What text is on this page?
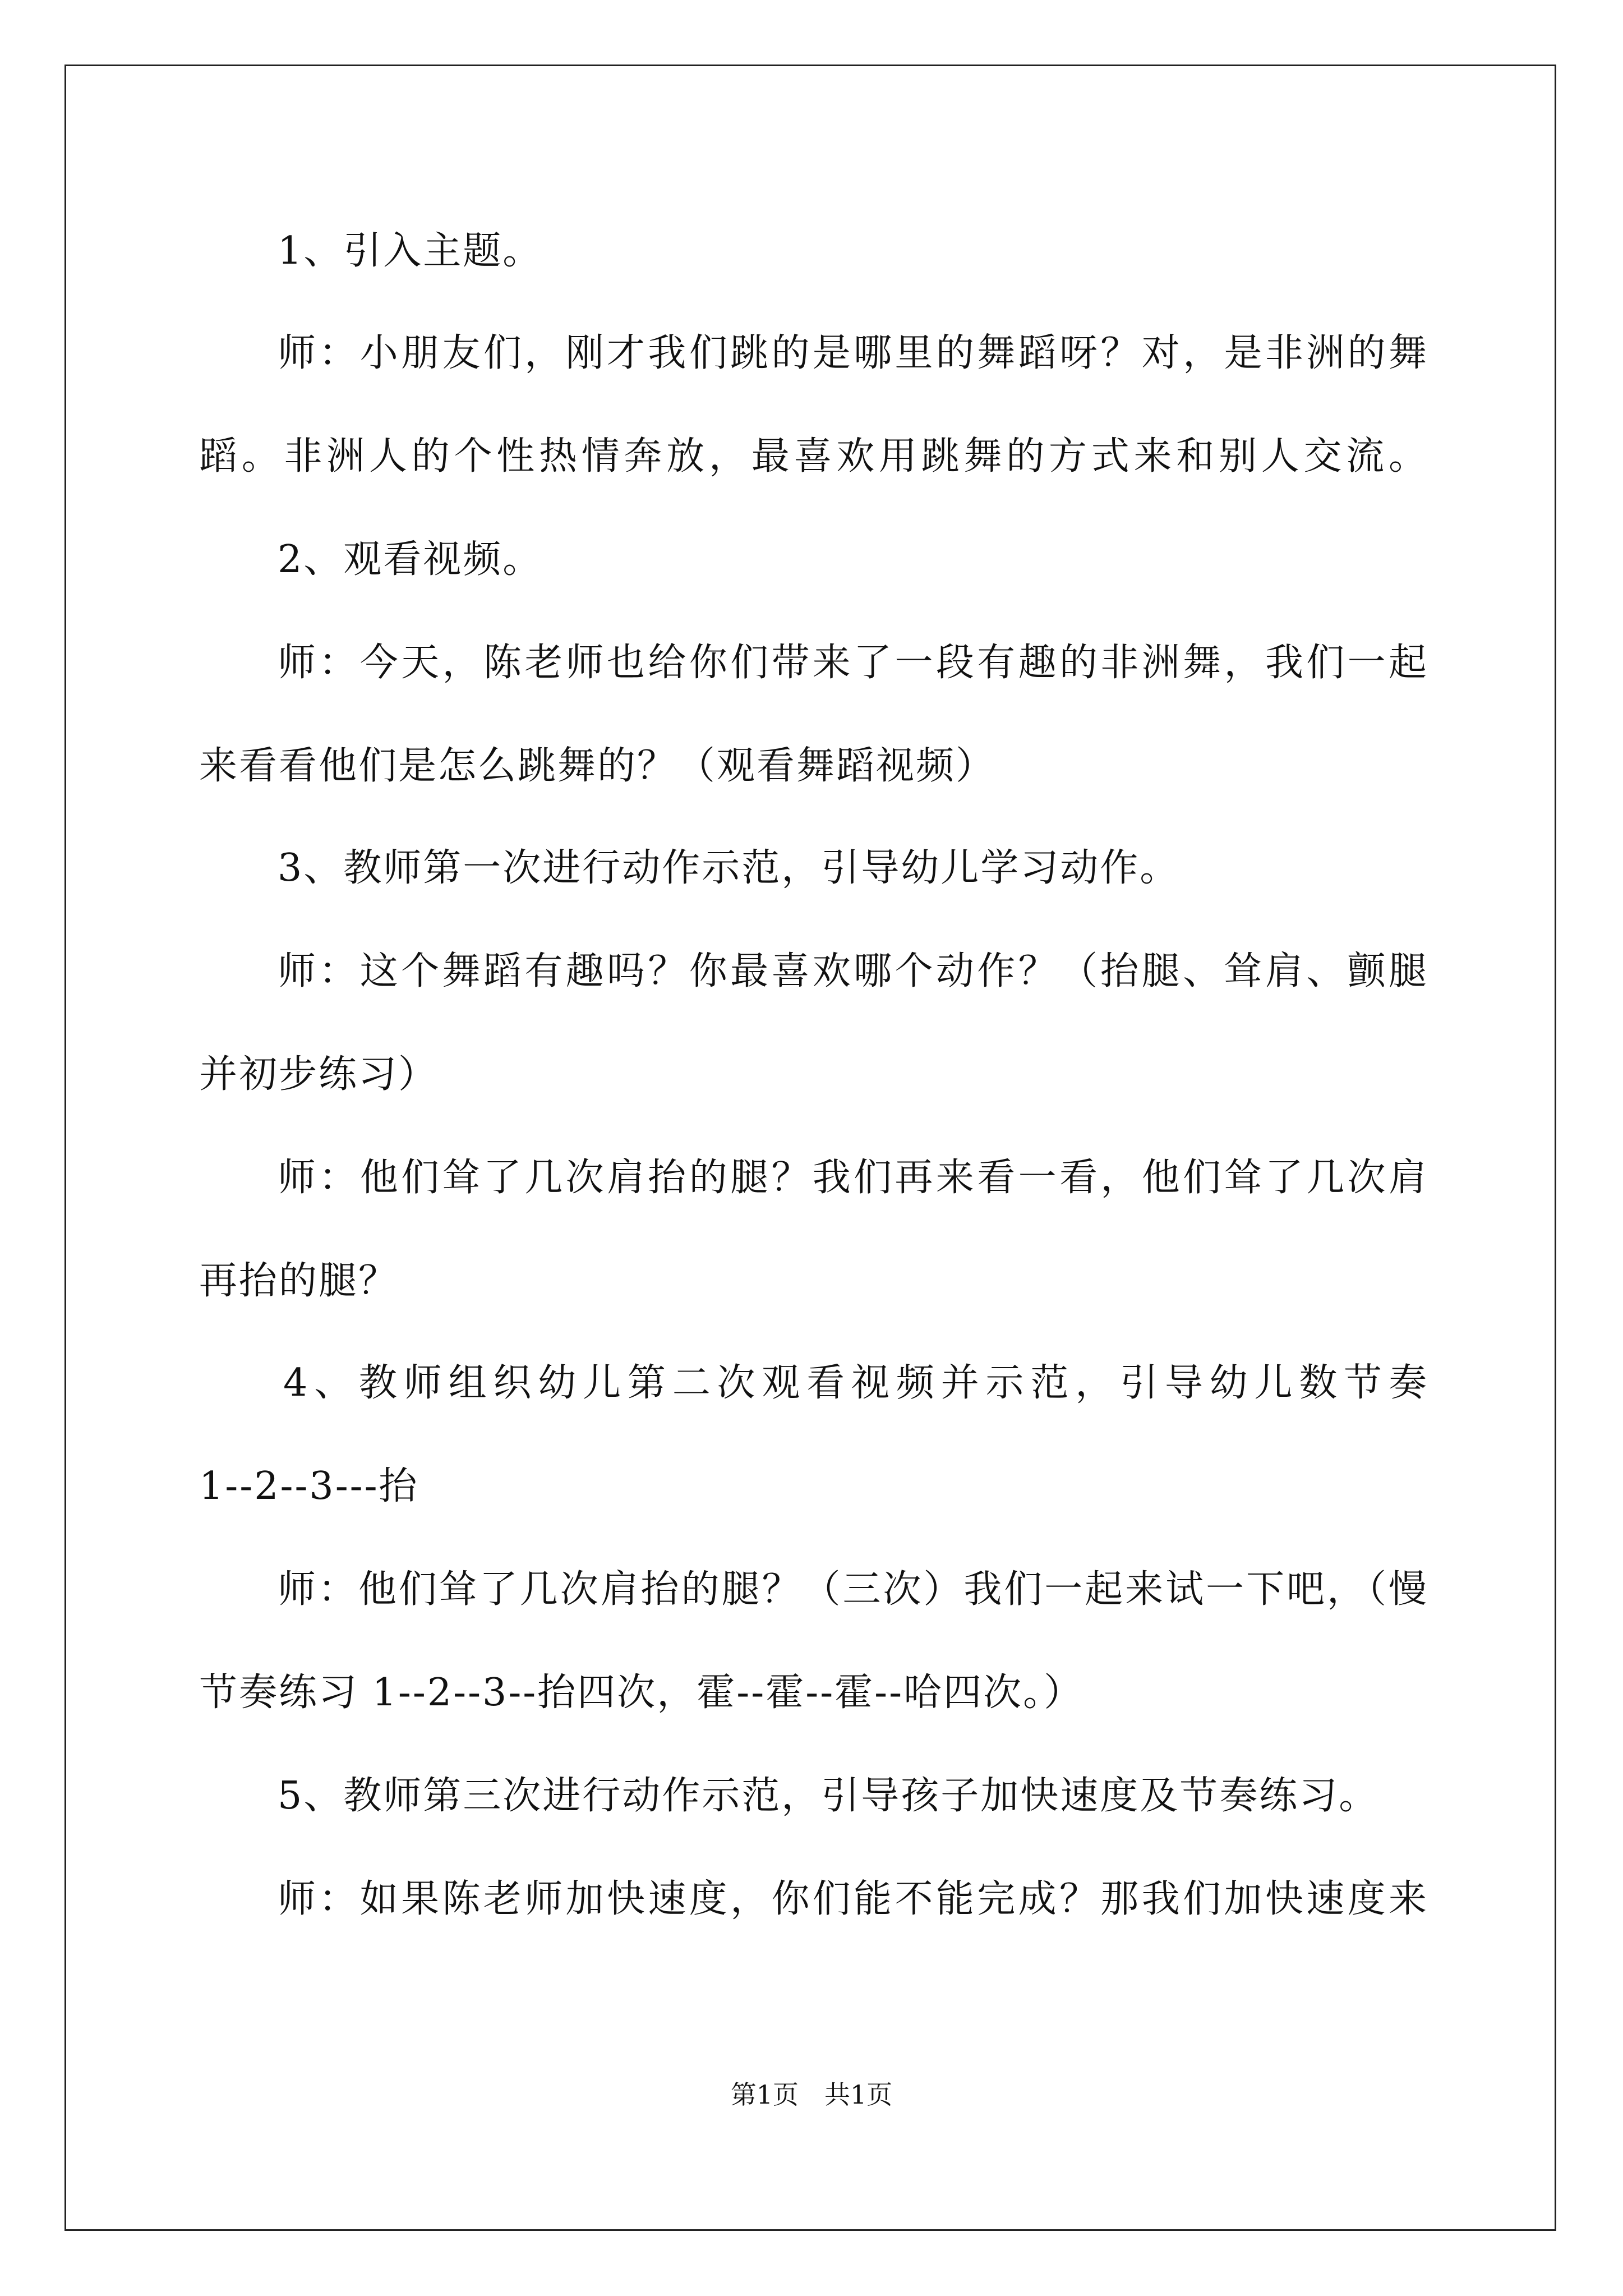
1、引入主题。
师：小朋友们，刚才我们跳的是哪里的舞蹈呀？对，是非洲的舞
蹈。非洲人的个性热情奔放，最喜欢用跳舞的方式来和别人交流。
2、观看视频。
师：今天，陈老师也给你们带来了一段有趣的非洲舞，我们一起
来看看他们是怎么跳舞的？（观看舞蹈视频）
3、教师第一次进行动作示范，引导幼儿学习动作。
师：这个舞蹈有趣吗？你最喜欢哪个动作？（抬腿、耸肩、颤腿
并初步练习）
师：他们耸了几次肩抬的腿？我们再来看一看，他们耸了几次肩
再抬的腿？
4、教师组织幼儿第二次观看视频并示范，引导幼儿数节奏
1--2--3---抬
师：他们耸了几次肩抬的腿？（三次）我们一起来试一下吧，（慢
节奏练习 1--2--3--抬四次，霍--霍--霍--哈四次。）
5、教师第三次进行动作示范，引导孩子加快速度及节奏练习。
师：如果陈老师加快速度，你们能不能完成？那我们加快速度来
第1页　共1页
